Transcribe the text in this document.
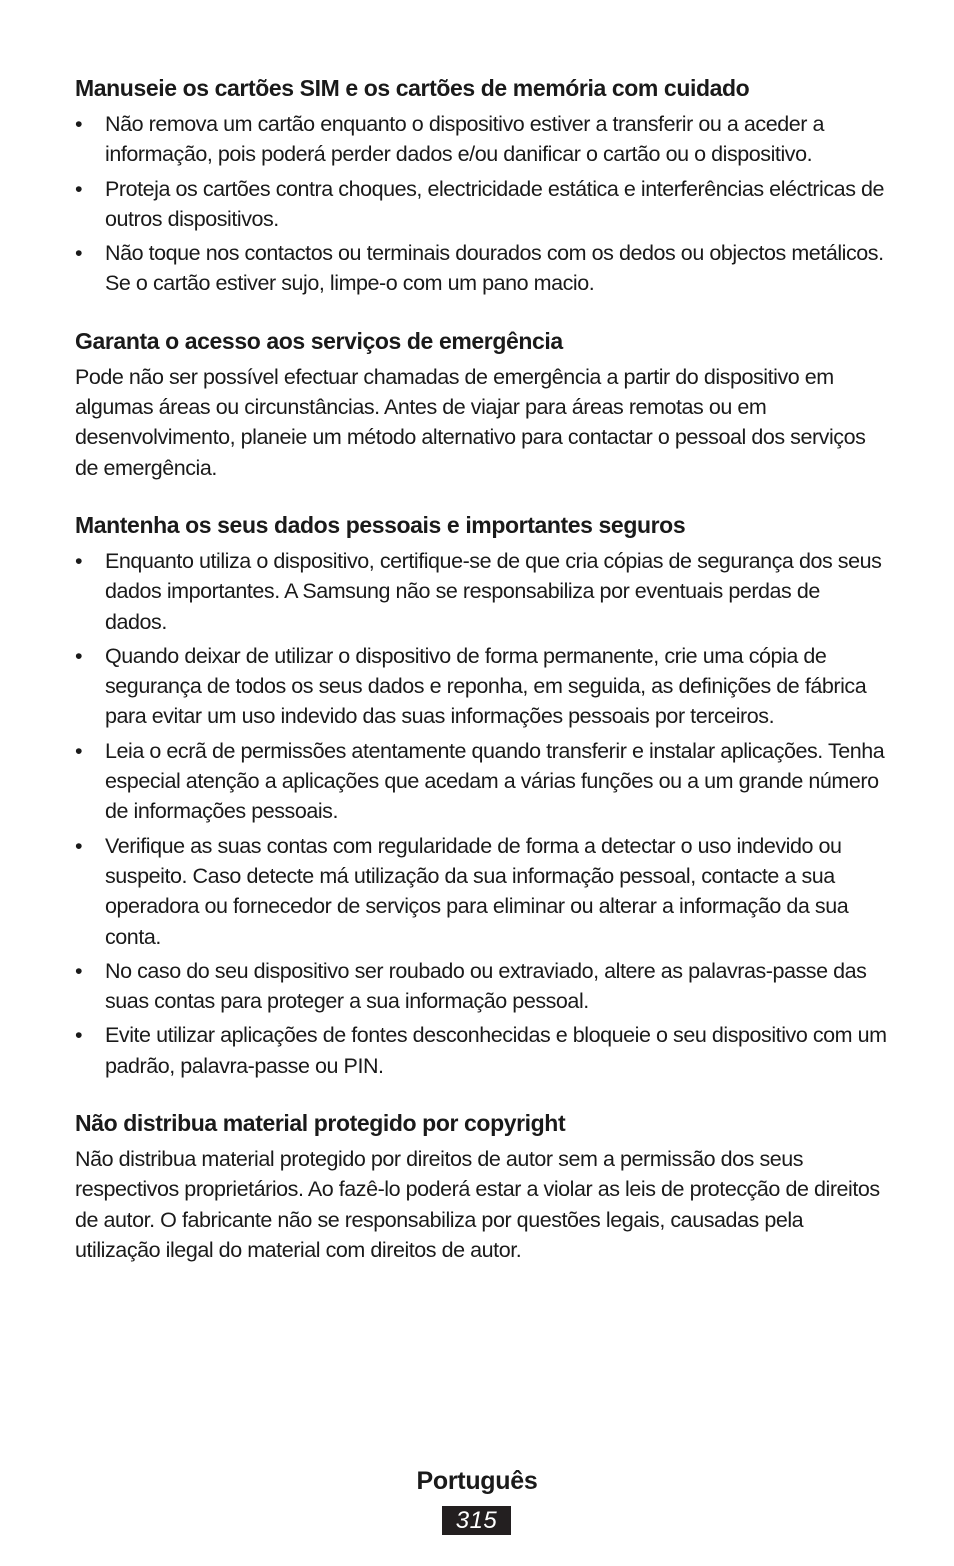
Manuseie os cartões SIM e os cartões de memória com cuidado
•	Não remova um cartão enquanto o dispositivo estiver a transferir ou a aceder a informação, pois poderá perder dados e/ou danificar o cartão ou o dispositivo.
•	Proteja os cartões contra choques, electricidade estática e interferências eléctricas de outros dispositivos.
•	Não toque nos contactos ou terminais dourados com os dedos ou objectos metálicos. Se o cartão estiver sujo, limpe-o com um pano macio.
Garanta o acesso aos serviços de emergência

Pode não ser possível efectuar chamadas de emergência a partir do dispositivo em algumas áreas ou circunstâncias. Antes de viajar para áreas remotas ou em desenvolvimento, planeie um método alternativo para contactar o pessoal dos serviços de emergência.

Mantenha os seus dados pessoais e importantes seguros
•	Enquanto utiliza o dispositivo, certifique-se de que cria cópias de segurança dos seus dados importantes. A Samsung não se responsabiliza por eventuais perdas de dados.
•	Quando deixar de utilizar o dispositivo de forma permanente, crie uma cópia de segurança de todos os seus dados e reponha, em seguida, as definições de fábrica para evitar um uso indevido das suas informações pessoais por terceiros.
•	Leia o ecrã de permissões atentamente quando transferir e instalar aplicações. Tenha especial atenção a aplicações que acedam a várias funções ou a um grande número de informações pessoais.
•	Verifique as suas contas com regularidade de forma a detectar o uso indevido ou suspeito. Caso detecte má utilização da sua informação pessoal, contacte a sua operadora ou fornecedor de serviços para eliminar ou alterar a informação da sua conta.
•	No caso do seu dispositivo ser roubado ou extraviado, altere as palavras-passe das suas contas para proteger a sua informação pessoal.
•	Evite utilizar aplicações de fontes desconhecidas e bloqueie o seu dispositivo com um padrão, palavra-passe ou PIN.
Não distribua material protegido por copyright

Não distribua material protegido por direitos de autor sem a permissão dos seus respectivos proprietários. Ao fazê-lo poderá estar a violar as leis de protecção de direitos de autor. O fabricante não se responsabiliza por questões legais, causadas pela utilização ilegal do material com direitos de autor.

Português
315
